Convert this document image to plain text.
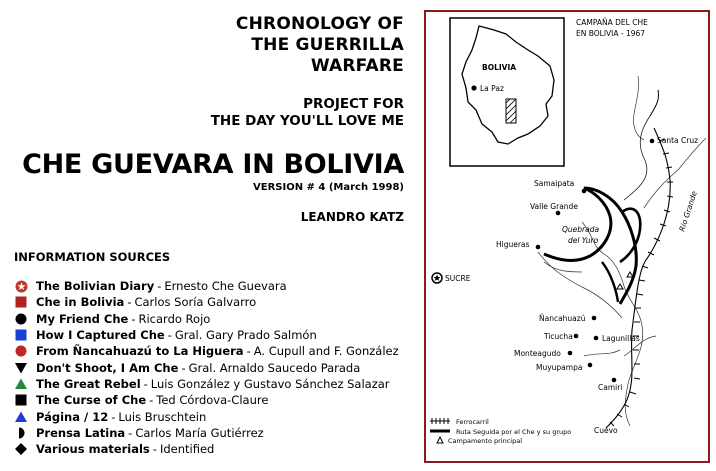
CHRONOLOGY OF
THE GUERRILLA
WARFARE
PROJECT FOR
THE DAY YOU'LL LOVE ME
CHE GUEVARA IN BOLIVIA
VERSION # 4 (March 1998)
LEANDRO KATZ
INFORMATION SOURCES
The Bolivian Diary - Ernesto Che Guevara
Che in Bolivia - Carlos Soría Galvarro
My Friend Che - Ricardo Rojo
How I Captured Che - Gral. Gary Prado Salmón
From Ñancahuazú to La Higuera - A. Cupull and F. González
Don't Shoot, I Am Che - Gral. Arnaldo Saucedo Parada
The Great Rebel - Luis González y Gustavo Sánchez Salazar
The Curse of Che - Ted Córdova-Claure
Página / 12 - Luis Bruschtein
Prensa Latina - Carlos María Gutiérrez
Various materials - Identified
CAMPAÑA DEL CHE
EN BOLIVIA - 1967
BOLIVIA
La Paz
Santa Cruz
Samaipata
Valle Grande
Quebrada
del Yuro
Higueras
Rio Grande
SUCRE
Ñancahuazú
Ticucha	Lagunillas
Monteagudo
Muyupampa
Camiri
Cuevo
Ferrocarril
Ruta Seguida por el Che y su grupo
Campamento principal
